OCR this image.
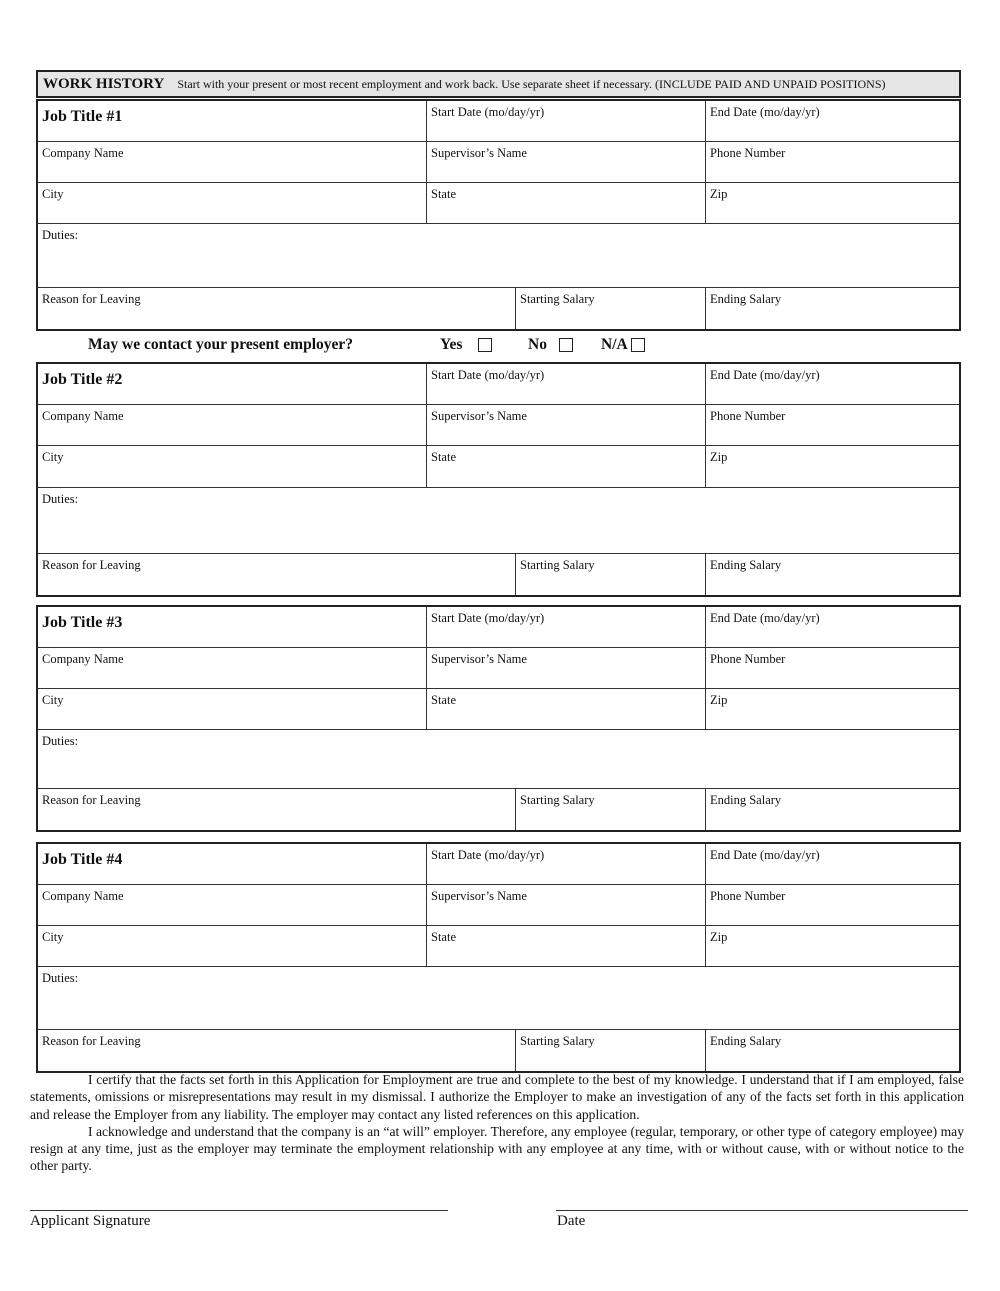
WORK HISTORY Start with your present or most recent employment and work back. Use separate sheet if necessary. (INCLUDE PAID AND UNPAID POSITIONS)
Job Title #1	Start Date (mo/day/yr)	End Date (mo/day/yr)
Company Name	Supervisor’s Name	Phone Number
City	State	Zip
Duties:
Reason for Leaving	Starting Salary	Ending Salary
May we contact your present employer?	Yes	No	N/A
Job Title #2	Start Date (mo/day/yr)	End Date (mo/day/yr)
Company Name	Supervisor’s Name	Phone Number
City	State	Zip
Duties:
Reason for Leaving	Starting Salary	Ending Salary
Job Title #3	Start Date (mo/day/yr)	End Date (mo/day/yr)
Company Name	Supervisor’s Name	Phone Number
City	State	Zip
Duties:
Reason for Leaving	Starting Salary	Ending Salary
Job Title #4	Start Date (mo/day/yr)	End Date (mo/day/yr)
Company Name	Supervisor’s Name	Phone Number
City	State	Zip
Duties:
Reason for Leaving	Starting Salary	Ending Salary

I certify that the facts set forth in this Application for Employment are true and complete to the best of my knowledge. I understand that if I am employed, false statements, omissions or misrepresentations may result in my dismissal. I authorize the Employer to make an investigation of any of the facts set forth in this application and release the Employer from any liability. The employer may contact any listed references on this application.

I acknowledge and understand that the company is an “at will” employer. Therefore, any employee (regular, temporary, or other type of category employee) may resign at any time, just as the employer may terminate the employment relationship with any employee at any time, with or without cause, with or without notice to the other party.

Applicant Signature	Date
